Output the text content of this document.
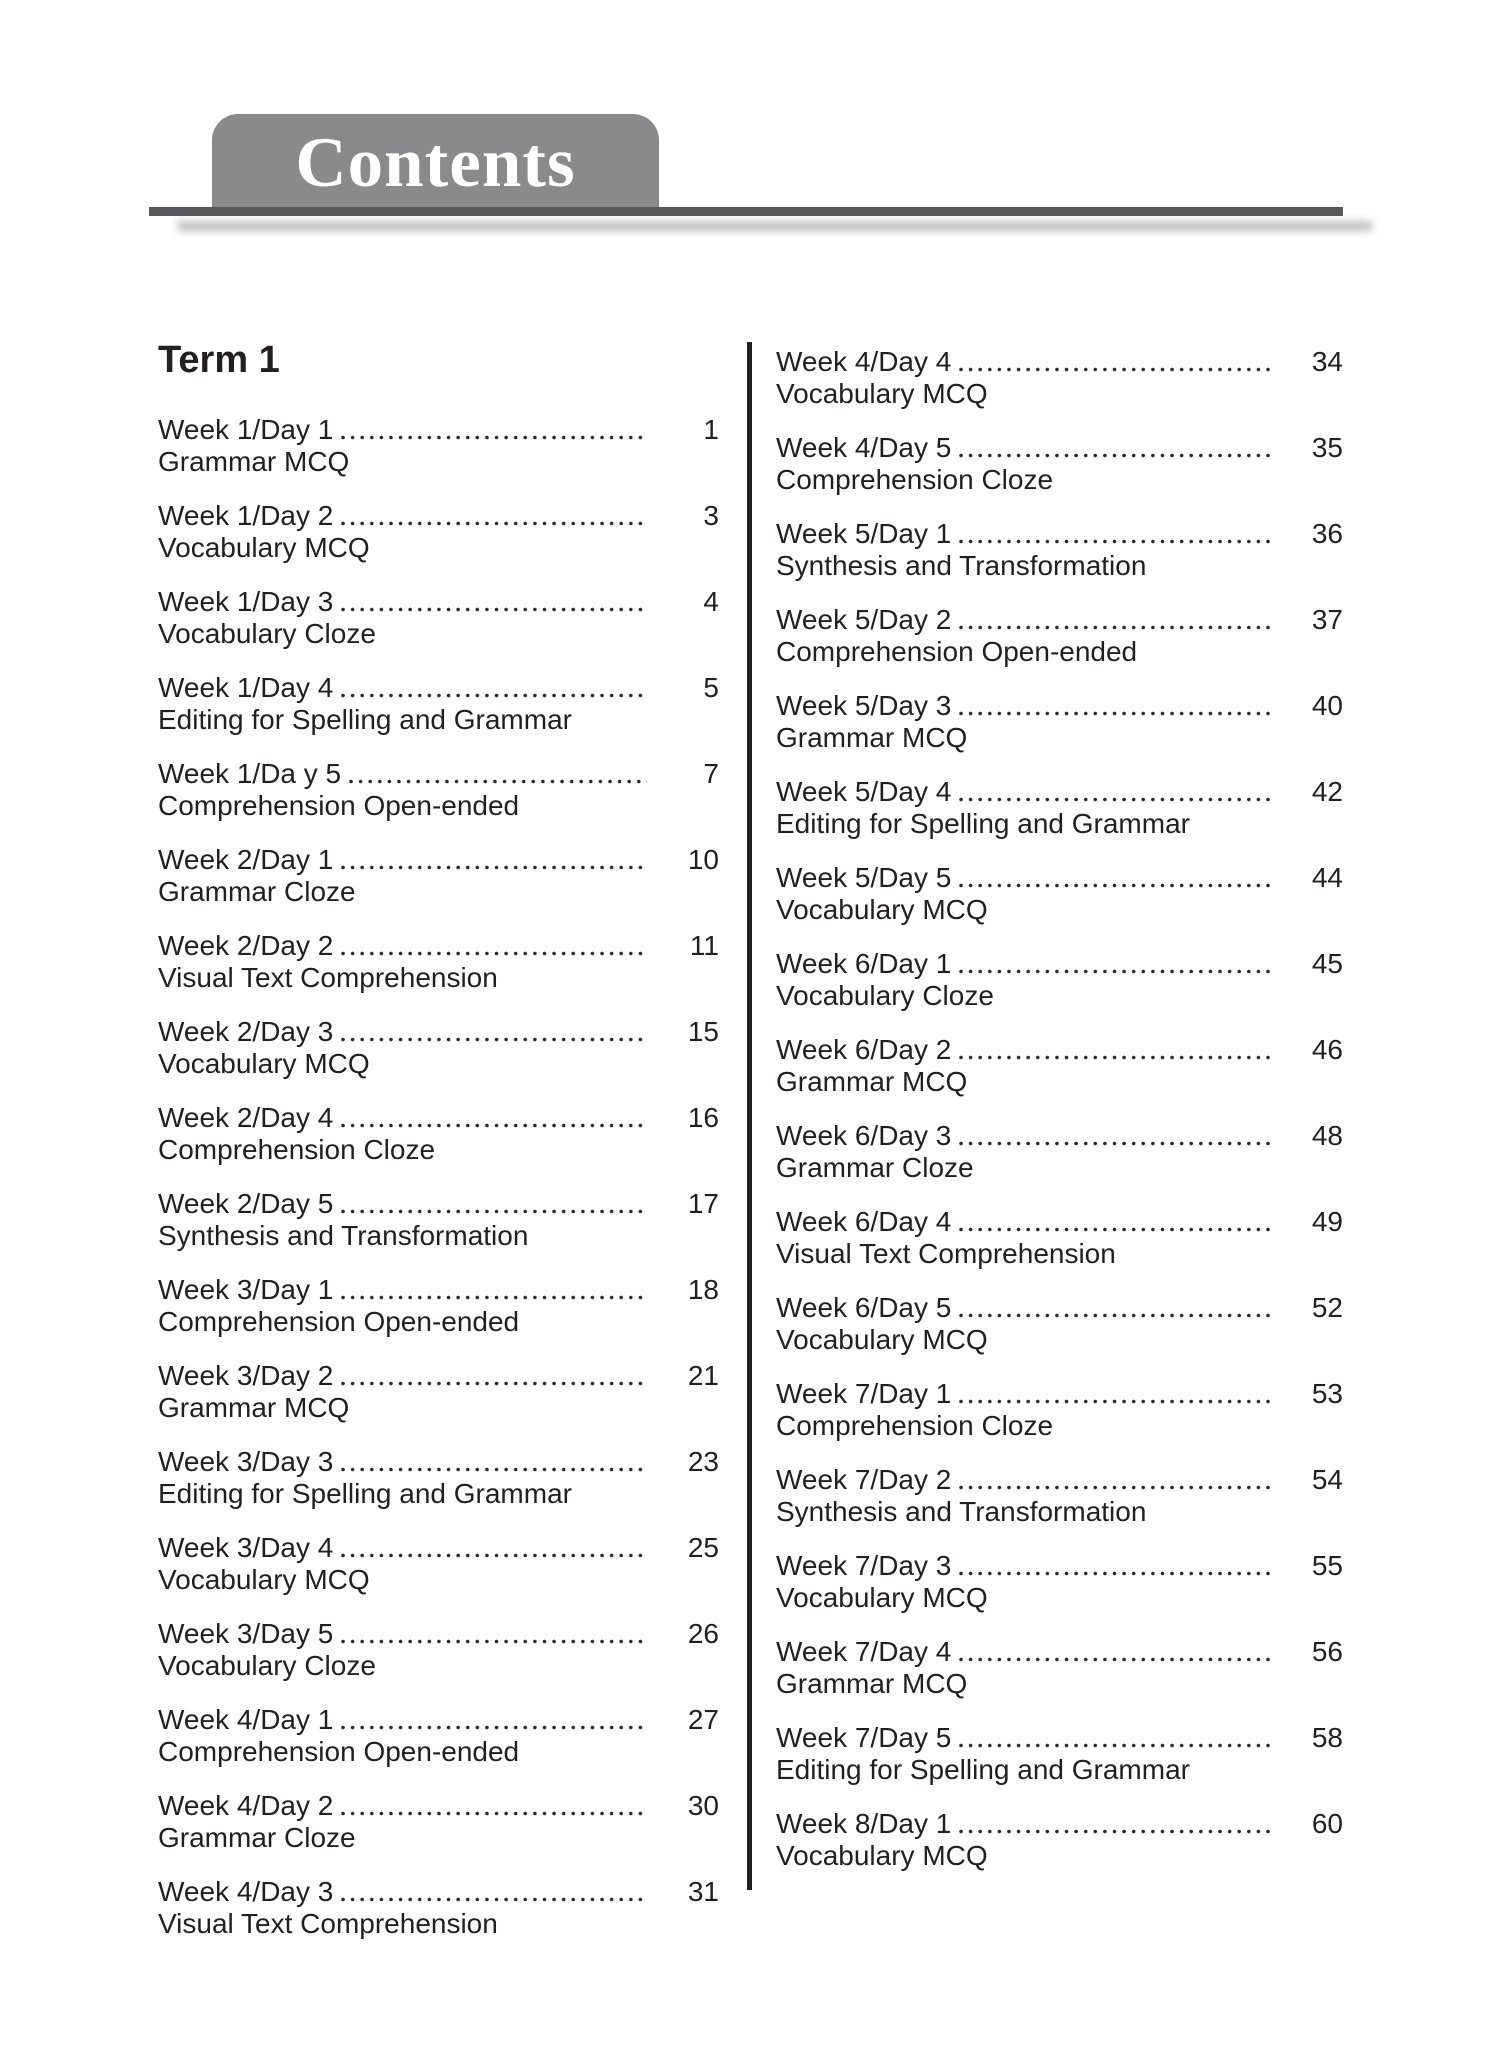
Contents
Term 1
Week 1/Day 1	1
Grammar MCQ
Week 1/Day 2	3
Vocabulary MCQ
Week 1/Day 3	4
Vocabulary Cloze
Week 1/Day 4	5
Editing for Spelling and Grammar
Week 1/Da y 5	7
Comprehension Open-ended
Week 2/Day 1	10
Grammar Cloze
Week 2/Day 2	11
Visual Text Comprehension
Week 2/Day 3	15
Vocabulary MCQ
Week 2/Day 4	16
Comprehension Cloze
Week 2/Day 5	17
Synthesis and Transformation
Week 3/Day 1	18
Comprehension Open-ended
Week 3/Day 2	21
Grammar MCQ
Week 3/Day 3	23
Editing for Spelling and Grammar
Week 3/Day 4	25
Vocabulary MCQ
Week 3/Day 5	26
Vocabulary Cloze
Week 4/Day 1	27
Comprehension Open-ended
Week 4/Day 2	30
Grammar Cloze
Week 4/Day 3	31
Visual Text Comprehension
Week 4/Day 4	34
Vocabulary MCQ
Week 4/Day 5	35
Comprehension Cloze
Week 5/Day 1	36
Synthesis and Transformation
Week 5/Day 2	37
Comprehension Open-ended
Week 5/Day 3	40
Grammar MCQ
Week 5/Day 4	42
Editing for Spelling and Grammar
Week 5/Day 5	44
Vocabulary MCQ
Week 6/Day 1	45
Vocabulary Cloze
Week 6/Day 2	46
Grammar MCQ
Week 6/Day 3	48
Grammar Cloze
Week 6/Day 4	49
Visual Text Comprehension
Week 6/Day 5	52
Vocabulary MCQ
Week 7/Day 1	53
Comprehension Cloze
Week 7/Day 2	54
Synthesis and Transformation
Week 7/Day 3	55
Vocabulary MCQ
Week 7/Day 4	56
Grammar MCQ
Week 7/Day 5	58
Editing for Spelling and Grammar
Week 8/Day 1	60
Vocabulary MCQ
